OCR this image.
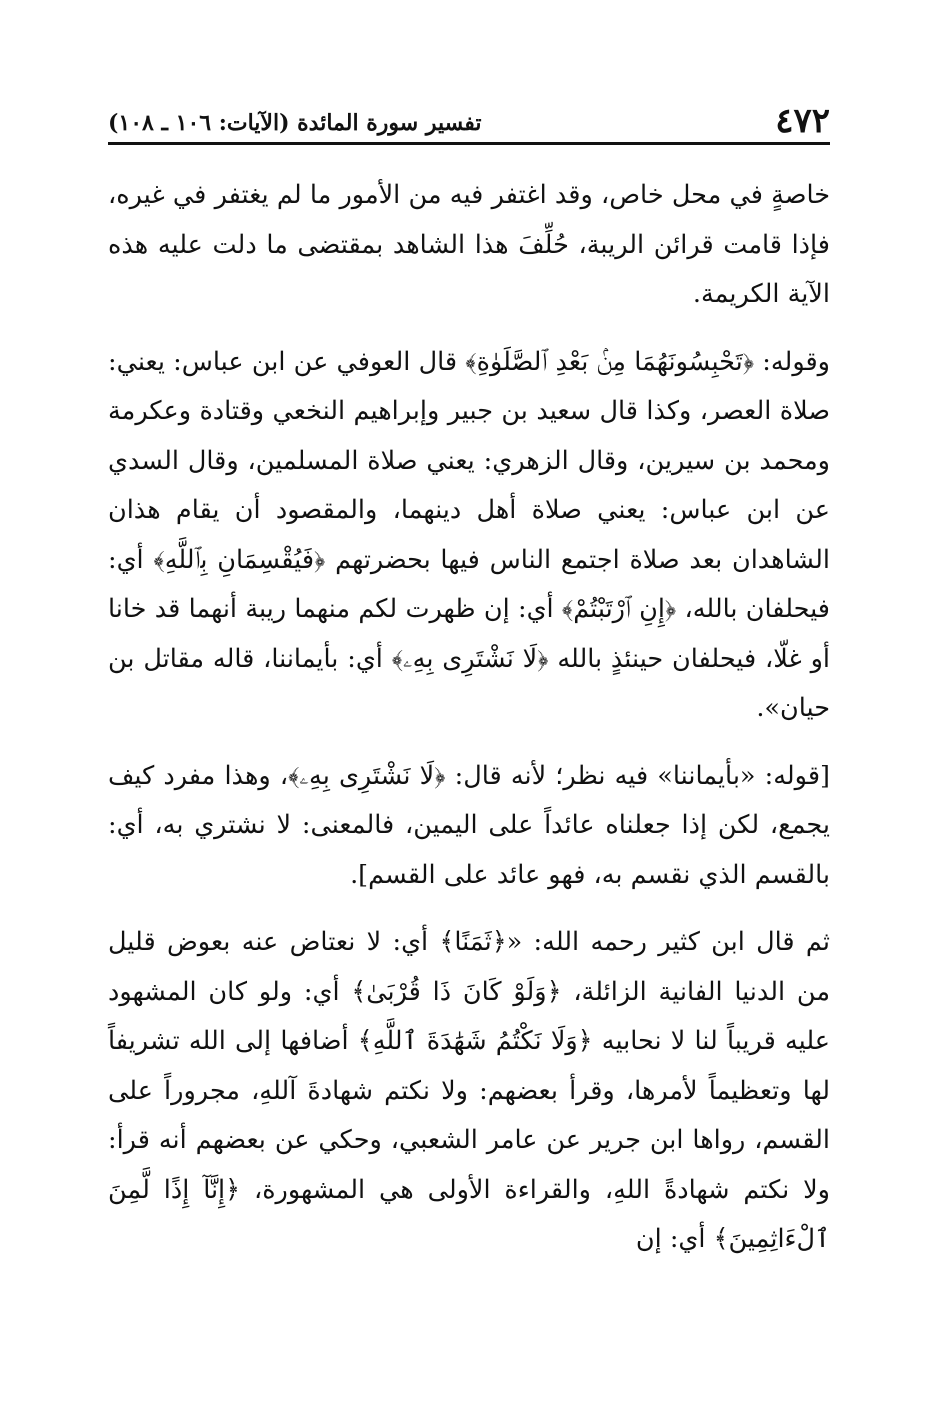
٤٧٢
تفسير سورة المائدة (الآيات: ١٠٦ ـ ١٠٨)

خاصةٍ في محل خاص، وقد اغتفر فيه من الأمور ما لم يغتفر في غيره، فإذا قامت قرائن الريبة، حُلِّفَ هذا الشاهد بمقتضى ما دلت عليه هذه الآية الكريمة.

وقوله: ﴿تَحْبِسُونَهُمَا مِنۢ بَعْدِ ٱلصَّلَوٰةِ﴾ قال العوفي عن ابن عباس: يعني: صلاة العصر، وكذا قال سعيد بن جبير وإبراهيم النخعي وقتادة وعكرمة ومحمد بن سيرين، وقال الزهري: يعني صلاة المسلمين، وقال السدي عن ابن عباس: يعني صلاة أهل دينهما، والمقصود أن يقام هذان الشاهدان بعد صلاة اجتمع الناس فيها بحضرتهم ﴿فَيُقْسِمَانِ بِٱللَّهِ﴾ أي: فيحلفان بالله، ﴿إِنِ ٱرْتَبْتُمْ﴾ أي: إن ظهرت لكم منهما ريبة أنهما قد خانا أو غلّا، فيحلفان حينئذٍ بالله ﴿لَا نَشْتَرِى بِهِۦ﴾ أي: بأيماننا، قاله مقاتل بن حيان».

[قوله: «بأيماننا» فيه نظر؛ لأنه قال: ﴿لَا نَشْتَرِى بِهِۦ﴾، وهذا مفرد كيف يجمع، لكن إذا جعلناه عائداً على اليمين، فالمعنى: لا نشتري به، أي: بالقسم الذي نقسم به، فهو عائد على القسم].

ثم قال ابن كثير رحمه الله: «﴿ثَمَنًا﴾ أي: لا نعتاض عنه بعوض قليل من الدنيا الفانية الزائلة، ﴿وَلَوْ كَانَ ذَا قُرْبَىٰ﴾ أي: ولو كان المشهود عليه قريباً لنا لا نحابيه ﴿وَلَا نَكْتُمُ شَهَٰدَةَ ٱللَّهِ﴾ أضافها إلى الله تشريفاً لها وتعظيماً لأمرها، وقرأ بعضهم: ولا نكتم شهادةَ آللهِ، مجروراً على القسم، رواها ابن جرير عن عامر الشعبي، وحكي عن بعضهم أنه قرأ: ولا نكتم شهادةً اللهِ، والقراءة الأولى هي المشهورة، ﴿إِنَّآ إِذًا لَّمِنَ ٱلْءَاثِمِينَ﴾ أي: إن
